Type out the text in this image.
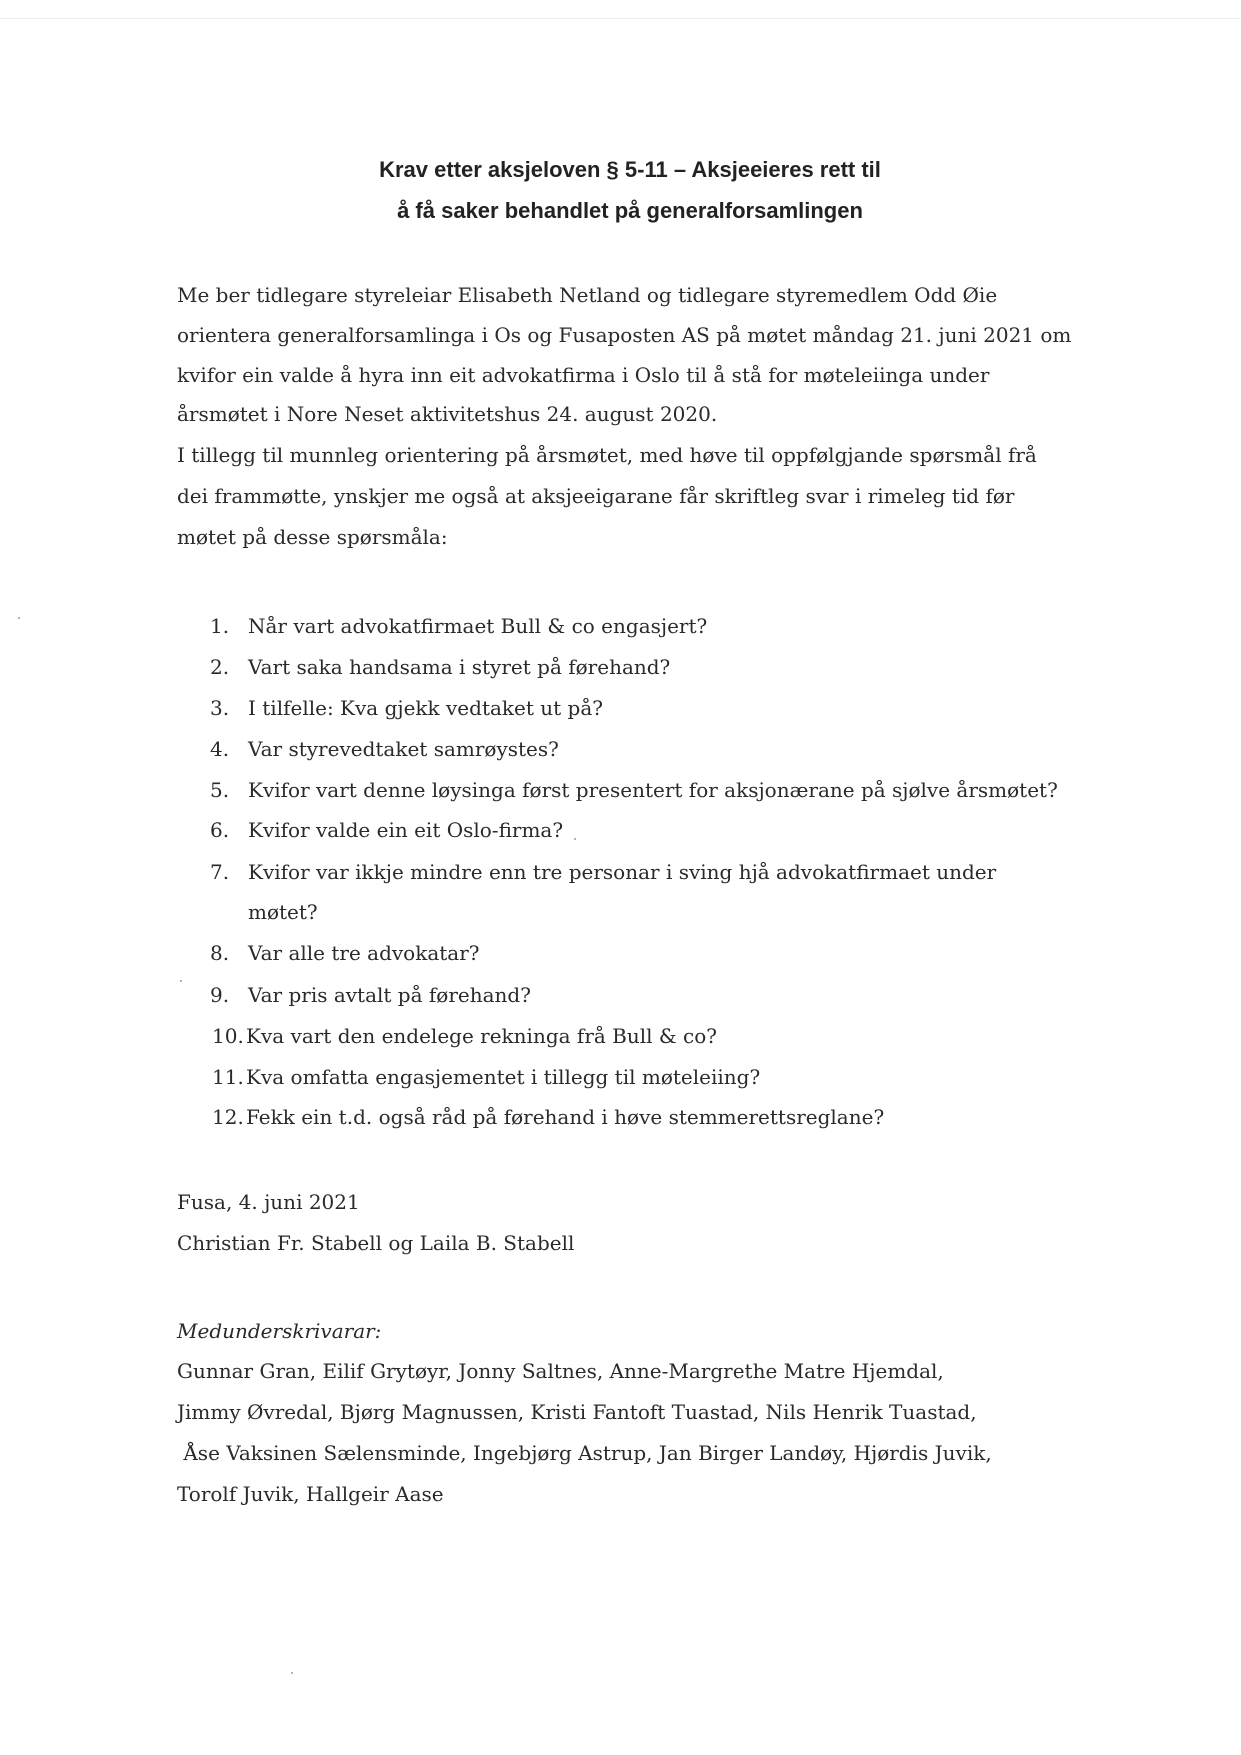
Krav etter aksjeloven § 5-11 – Aksjeeieres rett til
å få saker behandlet på generalforsamlingen
Me ber tidlegare styreleiar Elisabeth Netland og tidlegare styremedlem Odd Øie
orientera generalforsamlinga i Os og Fusaposten AS på møtet måndag 21. juni 2021 om
kvifor ein valde å hyra inn eit advokatfirma i Oslo til å stå for møteleiinga under
årsmøtet i Nore Neset aktivitetshus 24. august 2020.
I tillegg til munnleg orientering på årsmøtet, med høve til oppfølgjande spørsmål frå
dei frammøtte, ynskjer me også at aksjeeigarane får skriftleg svar i rimeleg tid før
møtet på desse spørsmåla:
1. Når vart advokatfirmaet Bull & co engasjert?
2. Vart saka handsama i styret på førehand?
3. I tilfelle: Kva gjekk vedtaket ut på?
4. Var styrevedtaket samrøystes?
5. Kvifor vart denne løysinga først presentert for aksjonærane på sjølve årsmøtet?
6. Kvifor valde ein eit Oslo-firma?
7. Kvifor var ikkje mindre enn tre personar i sving hjå advokatfirmaet under
møtet?
8. Var alle tre advokatar?
9. Var pris avtalt på førehand?
10. Kva vart den endelege rekninga frå Bull & co?
11. Kva omfatta engasjementet i tillegg til møteleiing?
12. Fekk ein t.d. også råd på førehand i høve stemmerettsreglane?
Fusa, 4. juni 2021
Christian Fr. Stabell og Laila B. Stabell
Medunderskrivarar:
Gunnar Gran, Eilif Grytøyr, Jonny Saltnes, Anne-Margrethe Matre Hjemdal,
Jimmy Øvredal, Bjørg Magnussen, Kristi Fantoft Tuastad, Nils Henrik Tuastad,
Åse Vaksinen Sælensminde, Ingebjørg Astrup, Jan Birger Landøy, Hjørdis Juvik,
Torolf Juvik, Hallgeir Aase
